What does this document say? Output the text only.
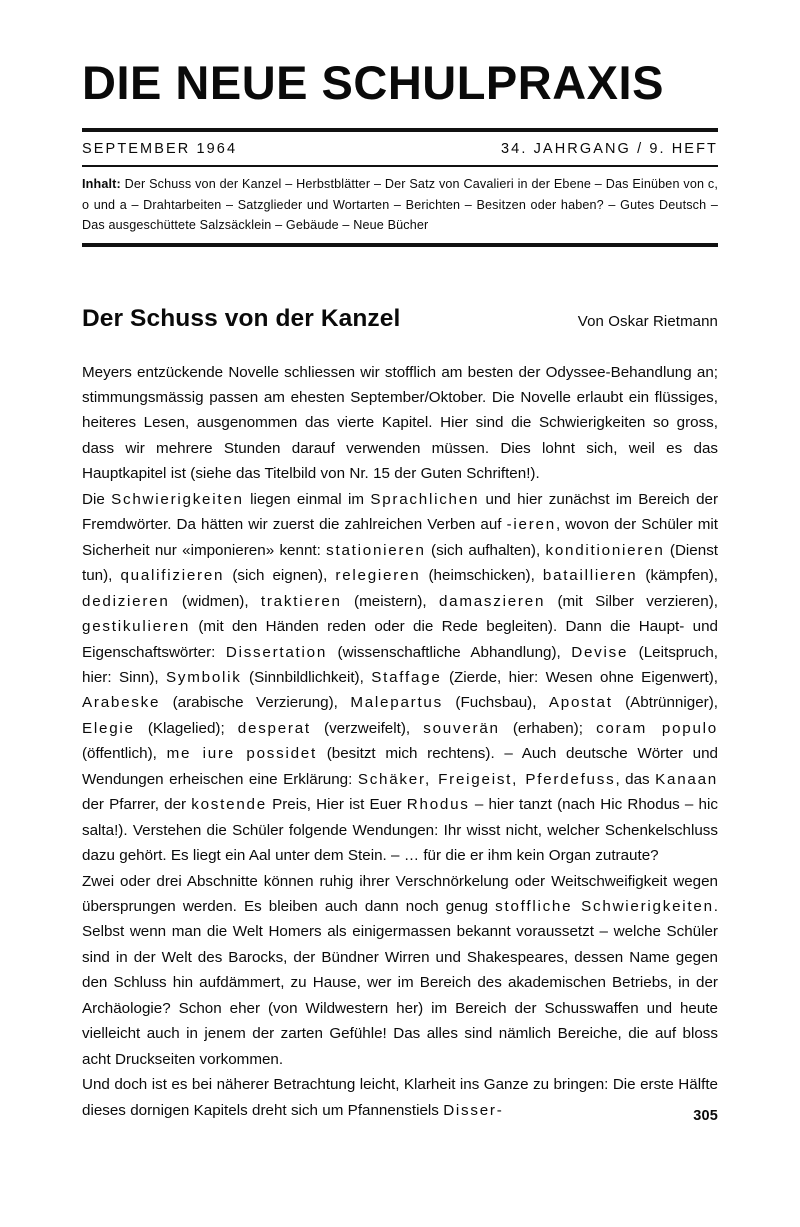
DIE NEUE SCHULPRAXIS
SEPTEMBER 1964	34. JAHRGANG / 9. HEFT
Inhalt: Der Schuss von der Kanzel – Herbstblätter – Der Satz von Cavalieri in der Ebene – Das Einüben von c, o und a – Drahtarbeiten – Satzglieder und Wortarten – Berichten – Besitzen oder haben? – Gutes Deutsch – Das ausgeschüttete Salzsäcklein – Gebäude – Neue Bücher
Der Schuss von der Kanzel	Von Oskar Rietmann

Meyers entzückende Novelle schliessen wir stofflich am besten der Odyssee-Behandlung an; stimmungsmässig passen am ehesten September/Oktober. Die Novelle erlaubt ein flüssiges, heiteres Lesen, ausgenommen das vierte Kapitel. Hier sind die Schwierigkeiten so gross, dass wir mehrere Stunden darauf verwenden müssen. Dies lohnt sich, weil es das Hauptkapitel ist (siehe das Titelbild von Nr. 15 der Guten Schriften!).

Die Schwierigkeiten liegen einmal im Sprachlichen und hier zunächst im Bereich der Fremdwörter. Da hätten wir zuerst die zahlreichen Verben auf -ieren, wovon der Schüler mit Sicherheit nur «imponieren» kennt: stationieren (sich aufhalten), konditionieren (Dienst tun), qualifizieren (sich eignen), relegieren (heimschicken), bataillieren (kämpfen), dedizieren (widmen), traktieren (meistern), damaszieren (mit Silber verzieren), gestikulieren (mit den Händen reden oder die Rede begleiten). Dann die Haupt- und Eigenschaftswörter: Dissertation (wissenschaftliche Abhandlung), Devise (Leitspruch, hier: Sinn), Symbolik (Sinnbildlichkeit), Staffage (Zierde, hier: Wesen ohne Eigenwert), Arabeske (arabische Verzierung), Malepartus (Fuchsbau), Apostat (Abtrünniger), Elegie (Klagelied); desperat (verzweifelt), souverän (erhaben); coram populo (öffentlich), me iure possidet (besitzt mich rechtens). – Auch deutsche Wörter und Wendungen erheischen eine Erklärung: Schäker, Freigeist, Pferdefuss, das Kanaan der Pfarrer, der kostende Preis, Hier ist Euer Rhodus – hier tanzt (nach Hic Rhodus – hic salta!). Verstehen die Schüler folgende Wendungen: Ihr wisst nicht, welcher Schenkelschluss dazu gehört. Es liegt ein Aal unter dem Stein. – … für die er ihm kein Organ zutraute?

Zwei oder drei Abschnitte können ruhig ihrer Verschnörkelung oder Weitschweifigkeit wegen übersprungen werden. Es bleiben auch dann noch genug stoffliche Schwierigkeiten. Selbst wenn man die Welt Homers als einigermassen bekannt voraussetzt – welche Schüler sind in der Welt des Barocks, der Bündner Wirren und Shakespeares, dessen Name gegen den Schluss hin aufdämmert, zu Hause, wer im Bereich des akademischen Betriebs, in der Archäologie? Schon eher (von Wildwestern her) im Bereich der Schusswaffen und heute vielleicht auch in jenem der zarten Gefühle! Das alles sind nämlich Bereiche, die auf bloss acht Druckseiten vorkommen.

Und doch ist es bei näherer Betrachtung leicht, Klarheit ins Ganze zu bringen: Die erste Hälfte dieses dornigen Kapitels dreht sich um Pfannenstiels Disser-	305
